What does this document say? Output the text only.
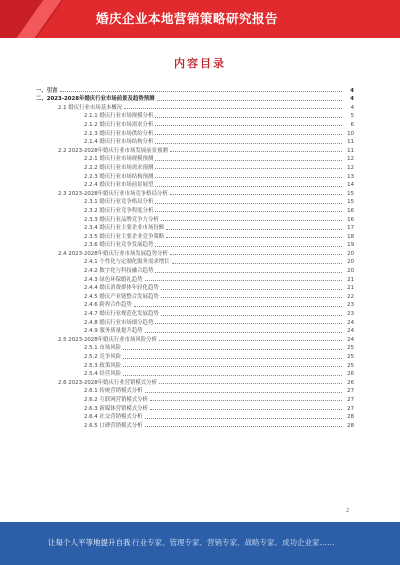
婚庆企业本地营销策略研究报告
内容目录
一、引言	4
二、2023-2028年婚庆行业市场前景及趋势预测	4
2.1 婚庆行业市场基本概况	4
2.1.1 婚庆行业市场规模分析	5
2.1.2 婚庆行业市场需求分析	6
2.1.3 婚庆行业市场供给分析	10
2.1.4 婚庆行业市场结构分析	11
2.2 2023-2028年婚庆行业市场发展前景预测	11
2.2.1 婚庆行业市场规模预测	12
2.2.2 婚庆行业市场需求预测	12
2.2.3 婚庆行业市场结构预测	13
2.2.4 婚庆行业市场前景展望	14
2.3 2023-2028年婚庆行业市场竞争格局分析	15
2.3.1 婚庆行业竞争格局分析	15
2.3.2 婚庆行业竞争程度分析	16
2.3.3 婚庆行业品牌竞争力分析	16
2.3.4 婚庆行业主要企业市场份额	17
2.3.5 婚庆行业主要企业竞争策略	18
2.3.6 婚庆行业竞争发展趋势	19
2.4 2023-2028年婚庆行业市场发展趋势分析	20
2.4.1 个性化与定制化服务需求增长	20
2.4.2 数字化与科技融合趋势	20
2.4.3 绿色环保婚礼趋势	21
2.4.4 婚庆消费群体年轻化趋势	21
2.4.5 婚庆产业链整合发展趋势	22
2.4.6 跨界合作趋势	23
2.4.7 婚庆行业规范化发展趋势	23
2.4.8 婚庆行业市场细分趋势	24
2.4.9 服务质量提升趋势	24
2.5 2023-2028年婚庆行业市场风险分析	24
2.5.1 市场风险	25
2.5.2 竞争风险	25
2.5.3 政策风险	25
2.5.4 经营风险	26
2.6 2023-2028年婚庆行业营销模式分析	26
2.6.1 传统营销模式分析	27
2.6.2 互联网营销模式分析	27
2.6.3 新媒体营销模式分析	27
2.6.4 社交营销模式分析	28
2.6.5 口碑营销模式分析	28
2
让每个人平等地提升自我 行业专家、管理专家、营销专家、战略专家、成功企业家……
